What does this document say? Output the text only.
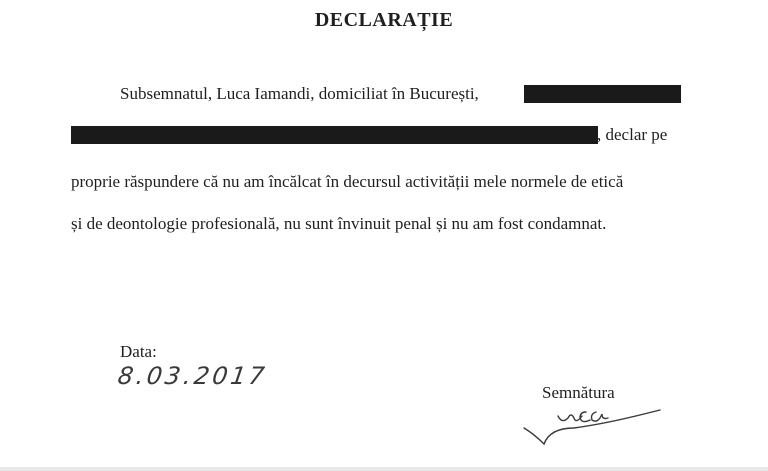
DECLARAȚIE
Subsemnatul, Luca Iamandi, domiciliat în București,
, declar pe
proprie răspundere că nu am încălcat în decursul activității mele normele de etică
și de deontologie profesională, nu sunt învinuit penal și nu am fost condamnat.
Data:
8.03.2017
Semnătura
